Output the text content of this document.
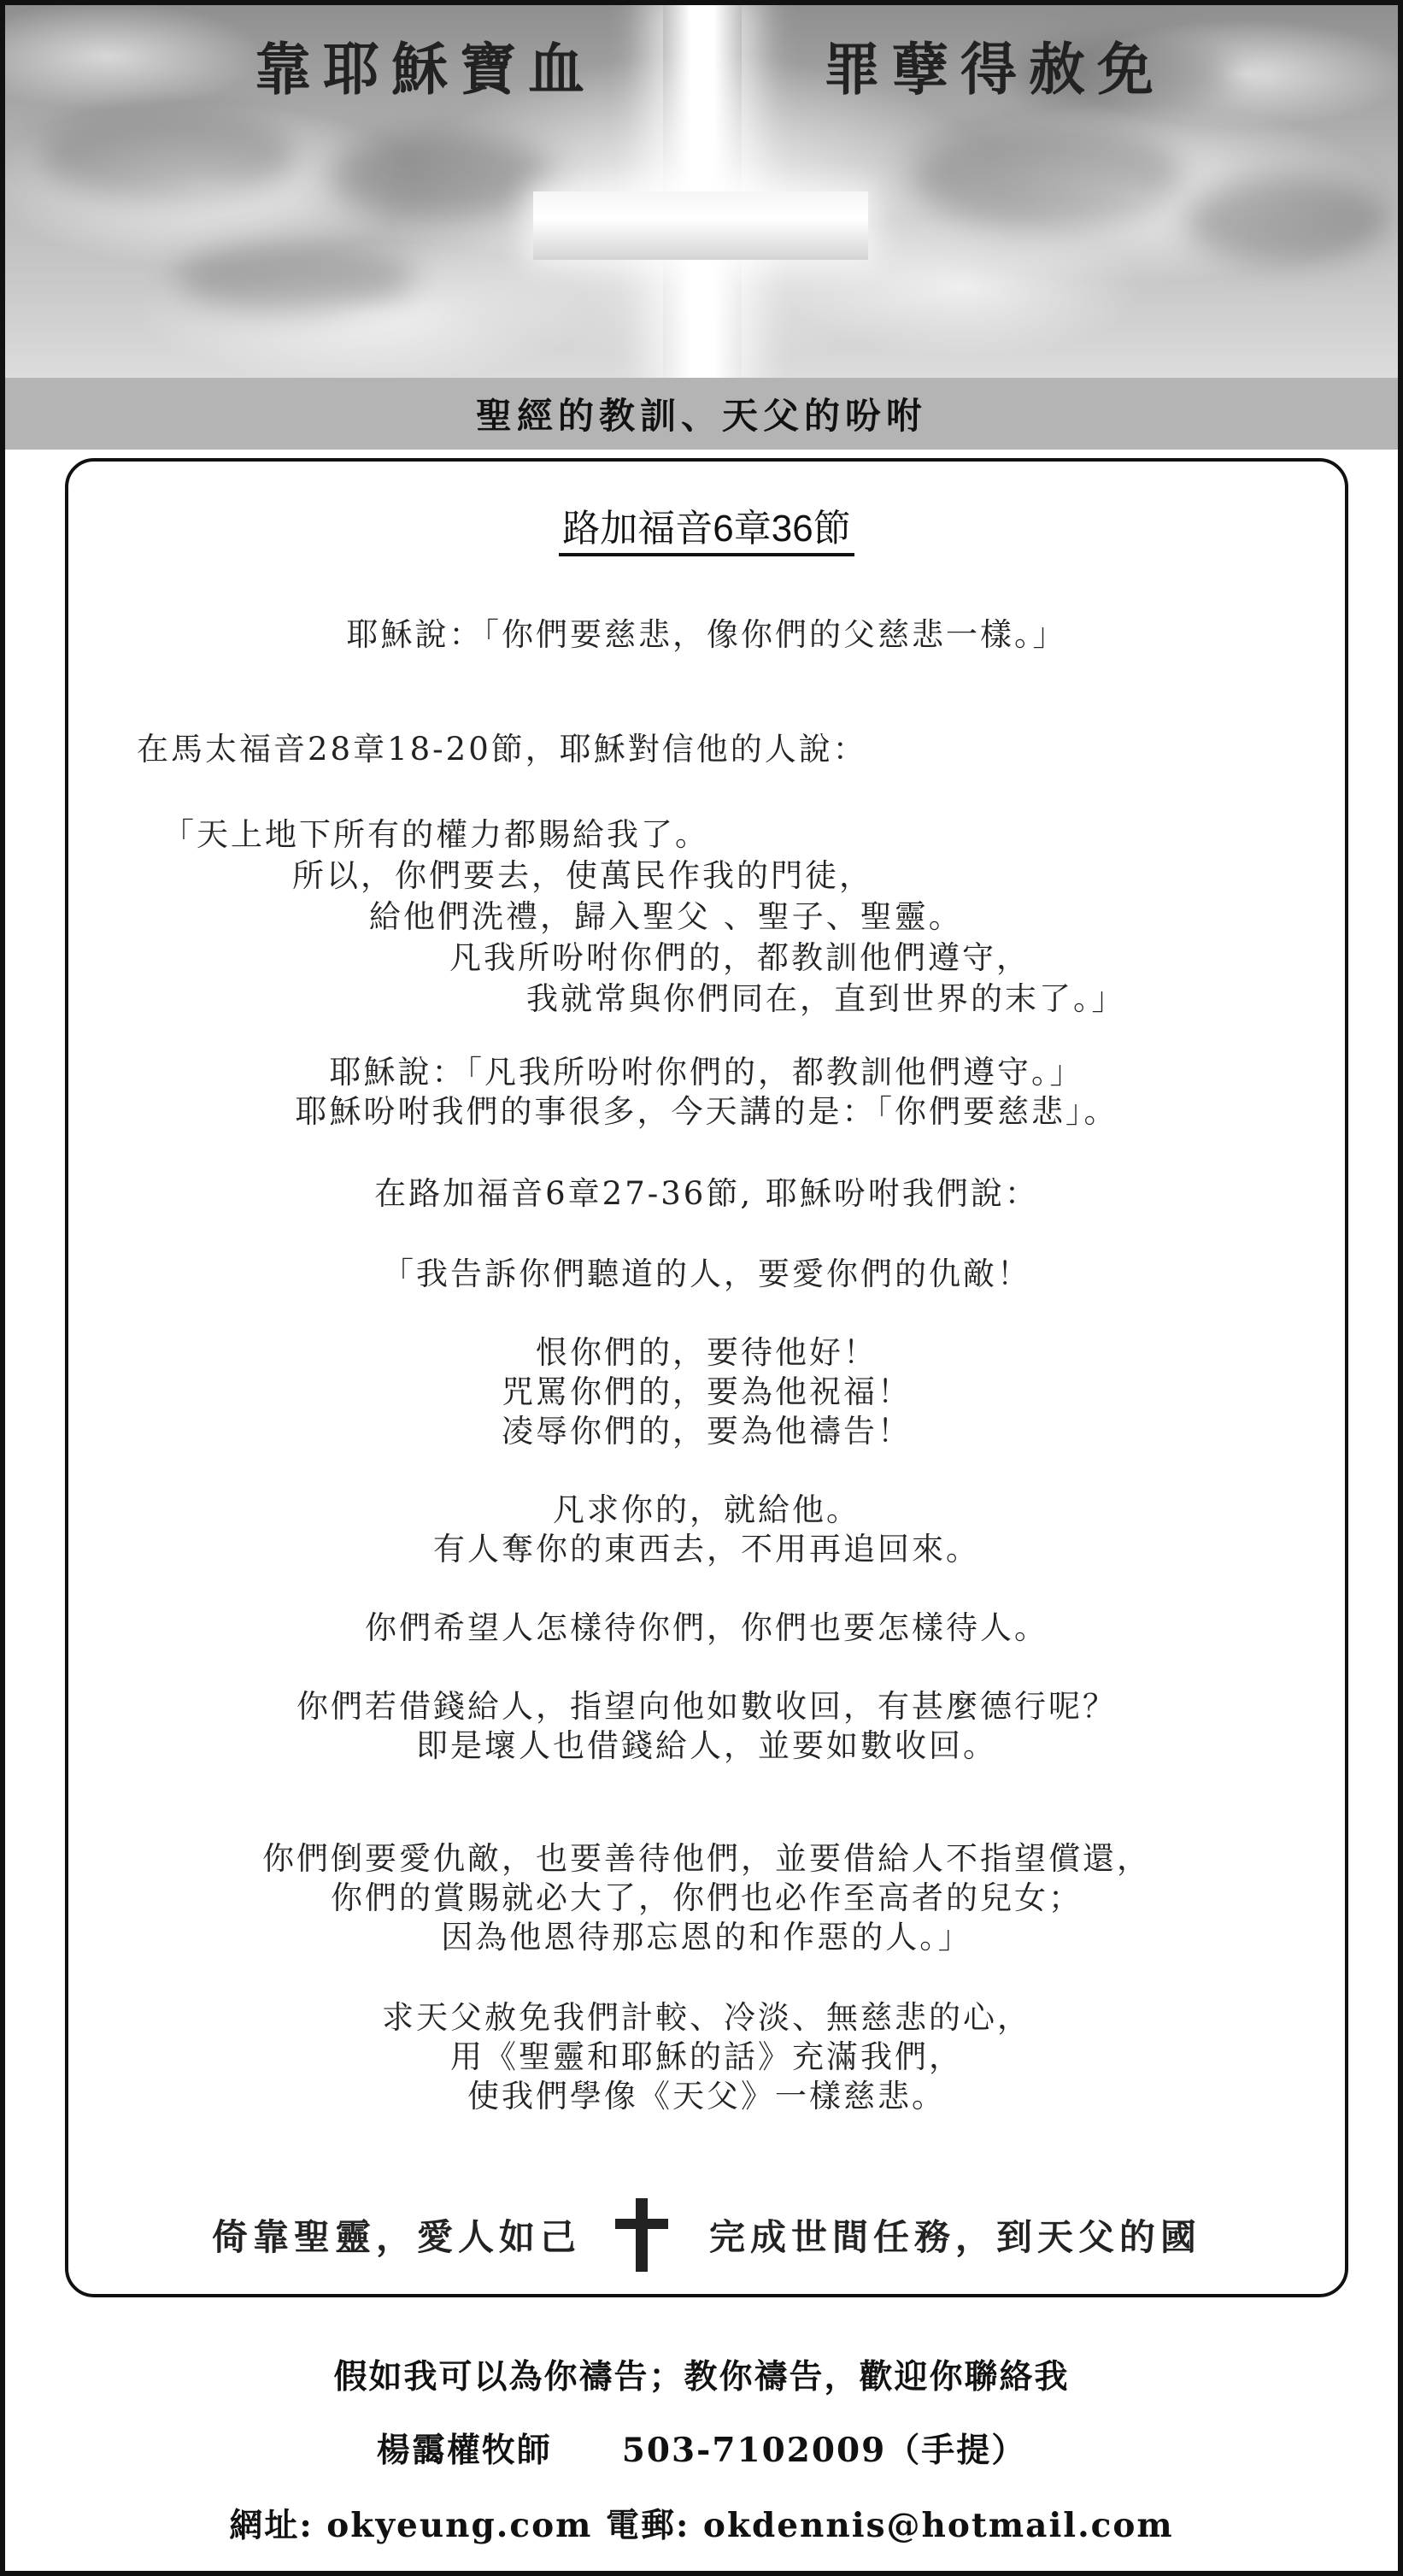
靠耶穌寶血	罪孽得赦免
聖經的教訓、天父的吩咐
路加福音6章36節
耶穌說：「你們要慈悲，像你們的父慈悲一樣。」
在馬太福音28章18-20節，耶穌對信他的人說：
「天上地下所有的權力都賜給我了。
所以，你們要去，使萬民作我的門徒，
給他們洗禮，歸入聖父 、聖子、聖靈。
凡我所吩咐你們的，都教訓他們遵守，
我就常與你們同在，直到世界的末了。」
耶穌說：「凡我所吩咐你們的，都教訓他們遵守。」
耶穌吩咐我們的事很多，今天講的是：「你們要慈悲」。
在路加福音6章27-36節, 耶穌吩咐我們說：
「我告訴你們聽道的人，要愛你們的仇敵！
恨你們的，要待他好！
咒罵你們的，要為他祝福！
凌辱你們的，要為他禱告！
凡求你的，就給他。
有人奪你的東西去，不用再追回來。
你們希望人怎樣待你們，你們也要怎樣待人。
你們若借錢給人，指望向他如數收回，有甚麼德行呢？
即是壞人也借錢給人，並要如數收回。
你們倒要愛仇敵，也要善待他們，並要借給人不指望償還，
你們的賞賜就必大了，你們也必作至高者的兒女；
因為他恩待那忘恩的和作惡的人。」
求天父赦免我們計較、冷淡、無慈悲的心，
用《聖靈和耶穌的話》充滿我們，
使我們學像《天父》一樣慈悲。
倚靠聖靈，愛人如己	完成世間任務，到天父的國
假如我可以為你禱告；教你禱告，歡迎你聯絡我
楊靄權牧師　　503-7102009（手提）
網址: okyeung.com 電郵: okdennis@hotmail.com
